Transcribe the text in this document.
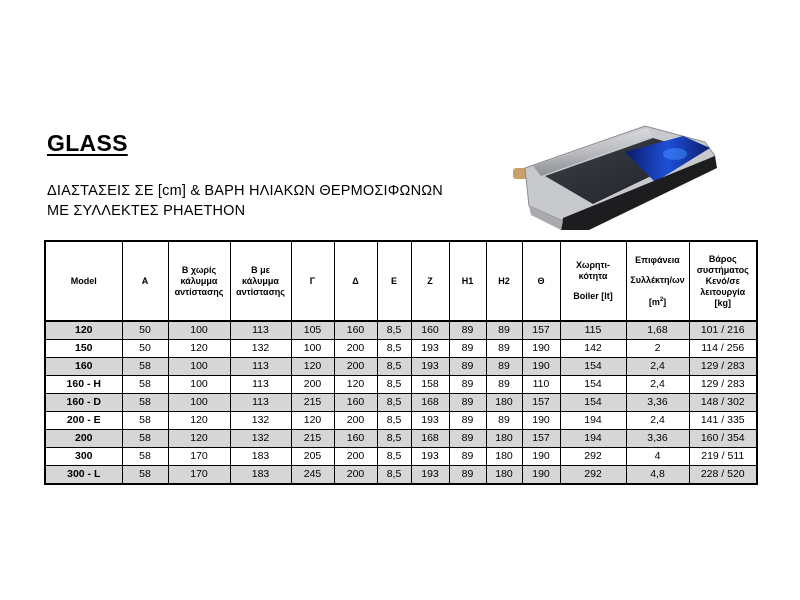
GLASS
ΔΙΑΣΤΑΣΕΙΣ ΣΕ [cm] & ΒΑΡΗ ΗΛΙΑΚΩΝ ΘΕΡΜΟΣΙΦΩΝΩΝ
ΜΕ ΣΥΛΛΕΚΤΕΣ PHAETHON
Model	Α	Β χωρίς
κάλυμμα
αντίστασης	Β με
κάλυμμα
αντίστασης	Γ	Δ	Ε	Ζ	Η1	Η2	Θ	Χωρητι-
κότητα
Boiler [lt]	Επιφάνεια
Συλλέκτη/ων
$[m^2]$	Βάρος
συστήματος
Κενό/σε
λειτουργία
[kg]

120	50	100	113	105	160	8,5	160	89	89	157	115	1,68	101 / 216
150	50	120	132	100	200	8,5	193	89	89	190	142	2	114 / 256
160	58	100	113	120	200	8,5	193	89	89	190	154	2,4	129 / 283
160 - H	58	100	113	200	120	8,5	158	89	89	110	154	2,4	129 / 283
160 - D	58	100	113	215	160	8,5	168	89	180	157	154	3,36	148 / 302
200 - E	58	120	132	120	200	8,5	193	89	89	190	194	2,4	141 / 335
200	58	120	132	215	160	8,5	168	89	180	157	194	3,36	160 / 354
300	58	170	183	205	200	8,5	193	89	180	190	292	4	219 / 511
300 - L	58	170	183	245	200	8,5	193	89	180	190	292	4,8	228 / 520
